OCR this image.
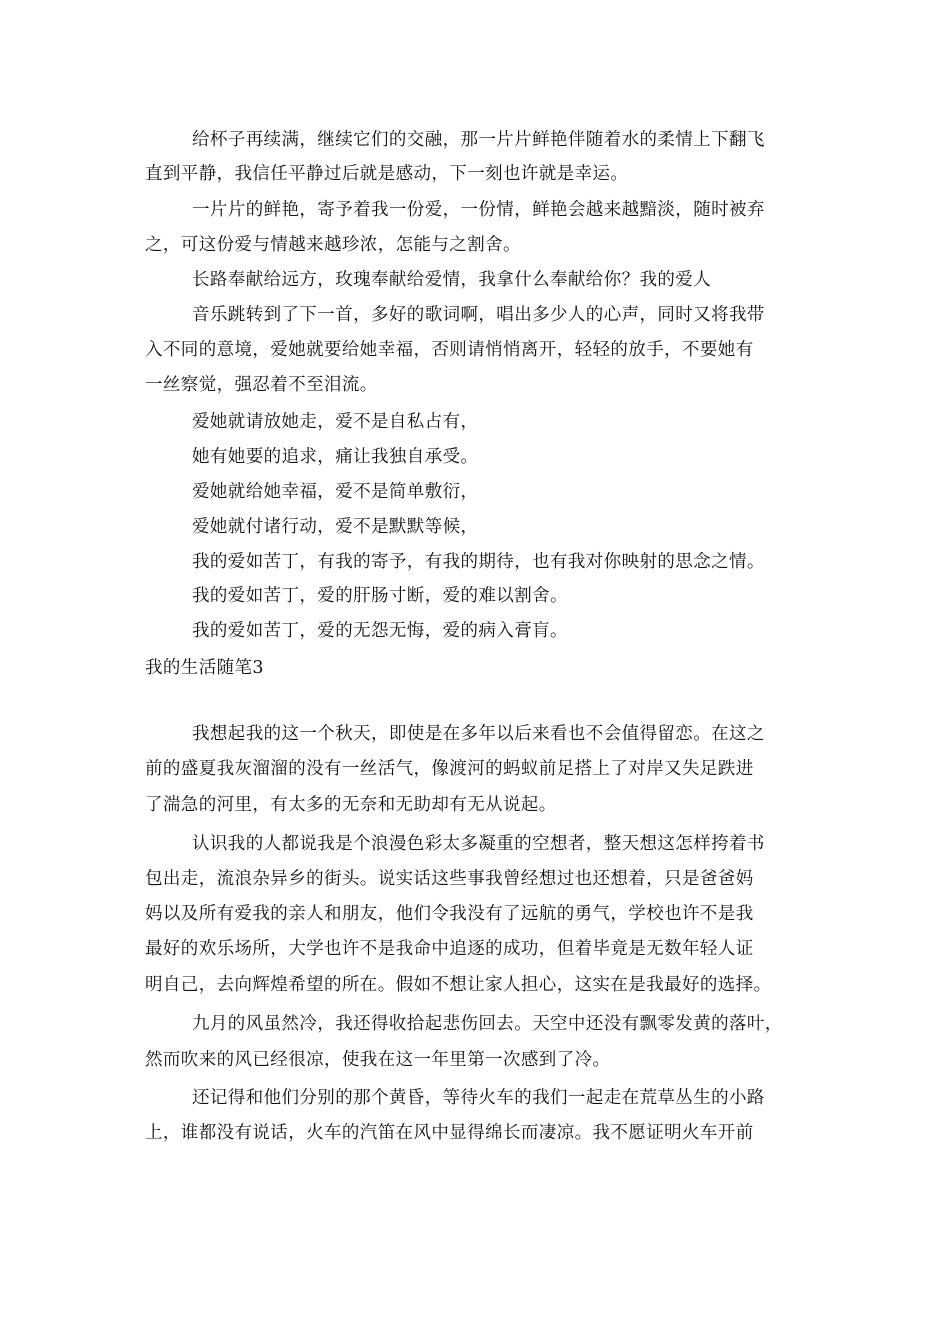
给杯子再续满，继续它们的交融，那一片片鲜艳伴随着水的柔情上下翻飞
直到平静，我信任平静过后就是感动，下一刻也许就是幸运。
一片片的鲜艳，寄予着我一份爱，一份情，鲜艳会越来越黯淡，随时被弃
之，可这份爱与情越来越珍浓，怎能与之割舍。
长路奉献给远方，玫瑰奉献给爱情，我拿什么奉献给你？我的爱人
音乐跳转到了下一首，多好的歌词啊，唱出多少人的心声，同时又将我带
入不同的意境，爱她就要给她幸福，否则请悄悄离开，轻轻的放手，不要她有
一丝察觉，强忍着不至泪流。
爱她就请放她走，爱不是自私占有，
她有她要的追求，痛让我独自承受。
爱她就给她幸福，爱不是简单敷衍，
爱她就付诸行动，爱不是默默等候，
我的爱如苦丁，有我的寄予，有我的期待，也有我对你映射的思念之情。
我的爱如苦丁，爱的肝肠寸断，爱的难以割舍。
我的爱如苦丁，爱的无怨无悔，爱的病入膏肓。
我的生活随笔3
我想起我的这一个秋天，即使是在多年以后来看也不会值得留恋。在这之
前的盛夏我灰溜溜的没有一丝活气，像渡河的蚂蚁前足搭上了对岸又失足跌进
了湍急的河里，有太多的无奈和无助却有无从说起。
认识我的人都说我是个浪漫色彩太多凝重的空想者，整天想这怎样挎着书
包出走，流浪杂异乡的街头。说实话这些事我曾经想过也还想着，只是爸爸妈
妈以及所有爱我的亲人和朋友，他们令我没有了远航的勇气，学校也许不是我
最好的欢乐场所，大学也许不是我命中追逐的成功，但着毕竟是无数年轻人证
明自己，去向辉煌希望的所在。假如不想让家人担心，这实在是我最好的选择。
九月的风虽然冷，我还得收拾起悲伤回去。天空中还没有飘零发黄的落叶，
然而吹来的风已经很凉，使我在这一年里第一次感到了冷。
还记得和他们分别的那个黄昏，等待火车的我们一起走在荒草丛生的小路
上，谁都没有说话，火车的汽笛在风中显得绵长而凄凉。我不愿证明火车开前
